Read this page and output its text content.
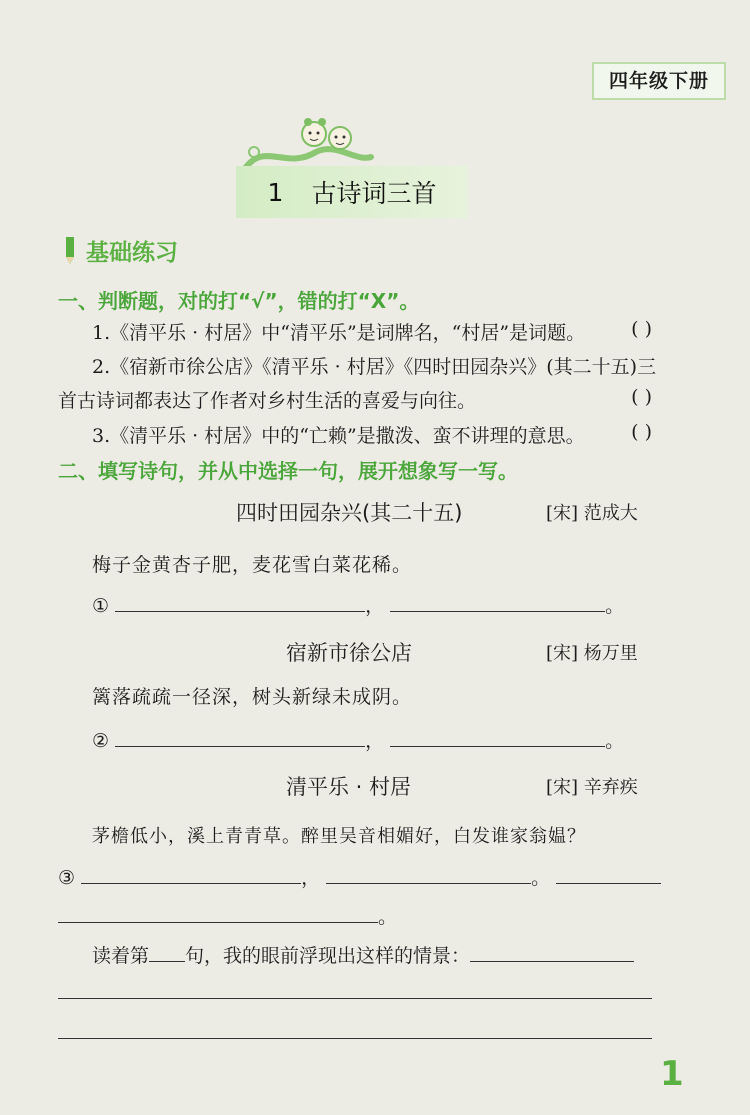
四年级下册
1 古诗词三首
基础练习
一、判断题，对的打“√”，错的打“X”。
1.《清平乐 · 村居》中“清平乐”是词牌名，“村居”是词题。 ( )
2.《宿新市徐公店》《清平乐 · 村居》《四时田园杂兴》(其二十五)三
首古诗词都表达了作者对乡村生活的喜爱与向往。	( )
3.《清平乐 · 村居》中的“亡赖”是撒泼、蛮不讲理的意思。 ( )
二、填写诗句，并从中选择一句，展开想象写一写。
四时田园杂兴(其二十五)	[宋] 范成大
梅子金黄杏子肥，麦花雪白菜花稀。
①	，	。
宿新市徐公店	[宋] 杨万里
篱落疏疏一径深，树头新绿未成阴。
②	，	。
清平乐 · 村居	[宋] 辛弃疾
茅檐低小，溪上青青草。醉里吴音相媚好，白发谁家翁媪？
③	，	。
。
读着第 句，我的眼前浮现出这样的情景：
1
